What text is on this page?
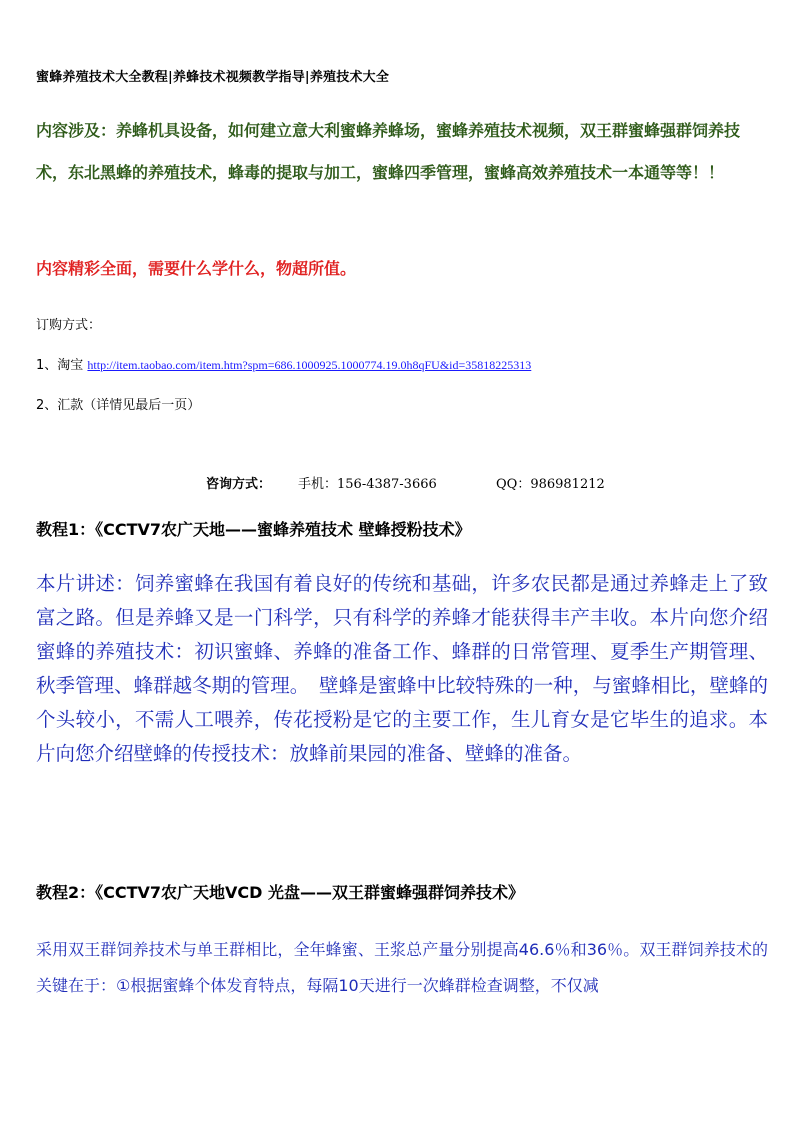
蜜蜂养殖技术大全教程|养蜂技术视频教学指导|养殖技术大全
内容涉及：养蜂机具设备，如何建立意大利蜜蜂养蜂场，蜜蜂养殖技术视频，双王群蜜蜂强群饲养技术，东北黑蜂的养殖技术，蜂毒的提取与加工，蜜蜂四季管理，蜜蜂高效养殖技术一本通等等！！
内容精彩全面，需要什么学什么，物超所值。
订购方式：
1、淘宝 http://item.taobao.com/item.htm?spm=686.1000925.1000774.19.0h8qFU&id=35818225313
2、汇款（详情见最后一页）
咨询方式： 手机：156-4387-3666	QQ：986981212
教程1：《CCTV7农广天地——蜜蜂养殖技术 壁蜂授粉技术》
本片讲述：饲养蜜蜂在我国有着良好的传统和基础，许多农民都是通过养蜂走上了致富之路。但是养蜂又是一门科学，只有科学的养蜂才能获得丰产丰收。本片向您介绍蜜蜂的养殖技术：初识蜜蜂、养蜂的准备工作、蜂群的日常管理、夏季生产期管理、秋季管理、蜂群越冬期的管理。　壁蜂是蜜蜂中比较特殊的一种，与蜜蜂相比，壁蜂的个头较小，不需人工喂养，传花授粉是它的主要工作，生儿育女是它毕生的追求。本片向您介绍壁蜂的传授技术：放蜂前果园的准备、壁蜂的准备。
教程2：《CCTV7农广天地VCD 光盘——双王群蜜蜂强群饲养技术》
采用双王群饲养技术与单王群相比，全年蜂蜜、王浆总产量分别提高46.6％和36％。双王群饲养技术的关键在于：①根据蜜蜂个体发育特点，每隔10天进行一次蜂群检查调整，不仅减
